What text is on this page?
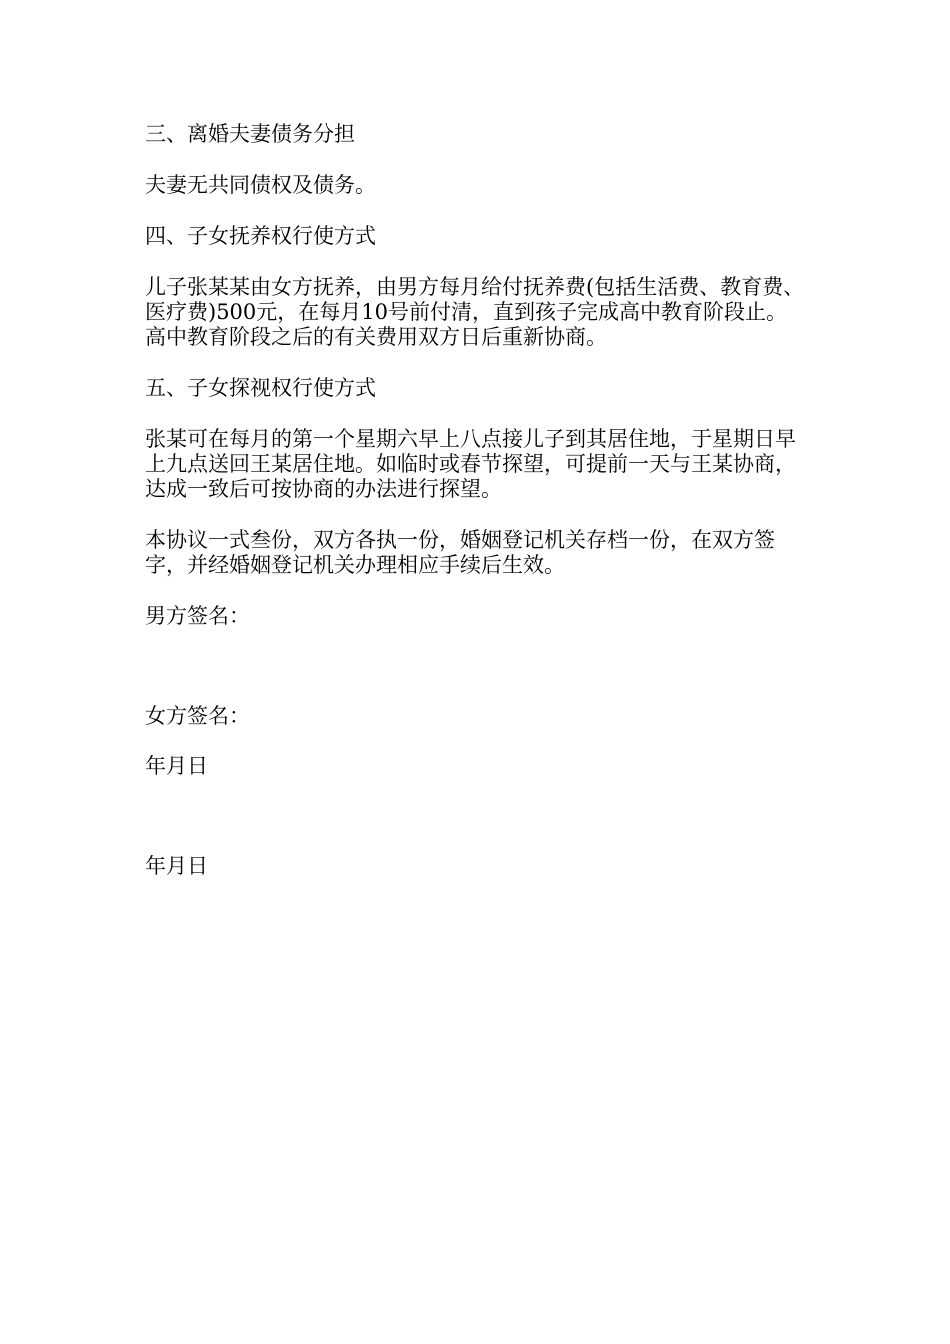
三、离婚夫妻债务分担

夫妻无共同债权及债务。

四、子女抚养权行使方式

儿子张某某由女方抚养，由男方每月给付抚养费(包括生活费、教育费、医疗费)500元，在每月10号前付清，直到孩子完成高中教育阶段止。高中教育阶段之后的有关费用双方日后重新协商。

五、子女探视权行使方式

张某可在每月的第一个星期六早上八点接儿子到其居住地，于星期日早上九点送回王某居住地。如临时或春节探望，可提前一天与王某协商，达成一致后可按协商的办法进行探望。

本协议一式叁份，双方各执一份，婚姻登记机关存档一份，在双方签字，并经婚姻登记机关办理相应手续后生效。

男方签名：

女方签名：

年月日

年月日
